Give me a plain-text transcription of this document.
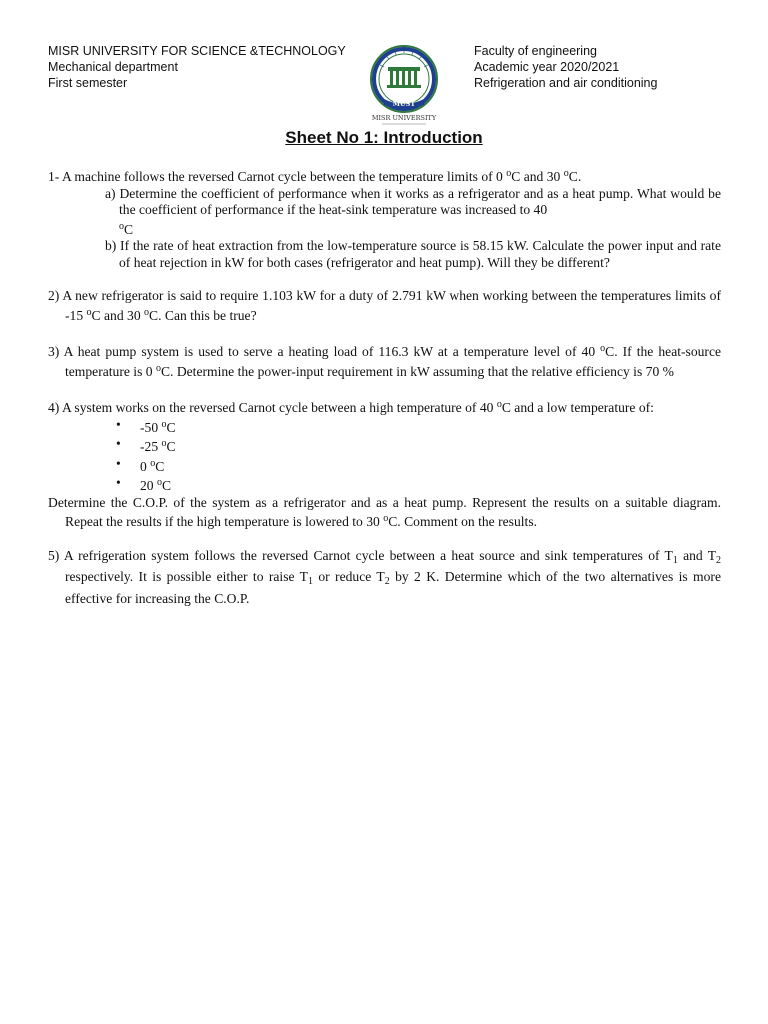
MISR UNIVERSITY FOR SCIENCE &TECHNOLOGY
Mechanical department
First semester
MUST
MISR UNIVERSITY
Faculty of engineering
Academic year 2020/2021
Refrigeration and air conditioning
Sheet No 1: Introduction
1- A machine follows the reversed Carnot cycle between the temperature limits of 0 $^o$C and 30 $^o$C.
a) Determine the coefficient of performance when it works as a refrigerator and as a heat pump. What would be the coefficient of performance if the heat-sink temperature was increased to 40
$^o$C
b) If the rate of heat extraction from the low-temperature source is 58.15 kW. Calculate the power input and rate of heat rejection in kW for both cases (refrigerator and heat pump). Will they be different?
2) A new refrigerator is said to require 1.103 kW for a duty of 2.791 kW when working between the temperatures limits of -15 $^o$C and 30 $^o$C. Can this be true?
3) A heat pump system is used to serve a heating load of 116.3 kW at a temperature level of 40 $^o$C. If the heat-source temperature is 0 $^o$C. Determine the power-input requirement in kW assuming that the relative efficiency is 70 %
4) A system works on the reversed Carnot cycle between a high temperature of 40 $^o$C and a low temperature of:
• -50 $^o$C
• -25 $^o$C
• 0 $^o$C
• 20 $^o$C
Determine the C.O.P. of the system as a refrigerator and as a heat pump. Represent the results on a suitable diagram. Repeat the results if the high temperature is lowered to 30 $^o$C. Comment on the results.
5) A refrigeration system follows the reversed Carnot cycle between a heat source and sink temperatures of $T_1$ and $T_2$ respectively. It is possible either to raise $T_1$ or reduce $T_2$ by 2 K. Determine which of the two alternatives is more effective for increasing the C.O.P.
